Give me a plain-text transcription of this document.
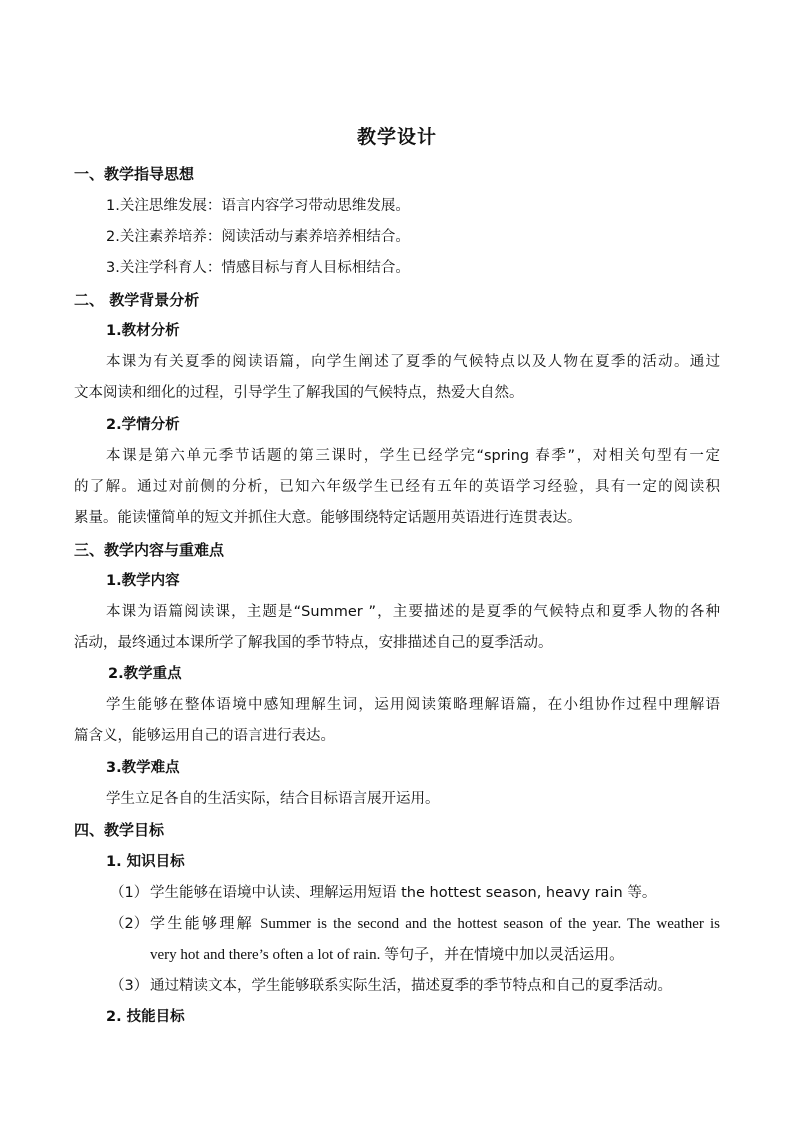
教学设计
一、教学指导思想
1.关注思维发展：语言内容学习带动思维发展。
2.关注素养培养：阅读活动与素养培养相结合。
3.关注学科育人：情感目标与育人目标相结合。
二、 教学背景分析
1.教材分析
本课为有关夏季的阅读语篇，向学生阐述了夏季的气候特点以及人物在夏季的活动。通过
文本阅读和细化的过程，引导学生了解我国的气候特点，热爱大自然。
2.学情分析
本课是第六单元季节话题的第三课时，学生已经学完“spring 春季”，对相关句型有一定
的了解。通过对前侧的分析，已知六年级学生已经有五年的英语学习经验，具有一定的阅读积
累量。能读懂简单的短文并抓住大意。能够围绕特定话题用英语进行连贯表达。
三、教学内容与重难点
1.教学内容
本课为语篇阅读课，主题是“Summer ”，主要描述的是夏季的气候特点和夏季人物的各种
活动，最终通过本课所学了解我国的季节特点，安排描述自己的夏季活动。
2.教学重点
学生能够在整体语境中感知理解生词，运用阅读策略理解语篇，在小组协作过程中理解语
篇含义，能够运用自己的语言进行表达。
3.教学难点
学生立足各自的生活实际，结合目标语言展开运用。
四、教学目标
1. 知识目标
（1） 学生能够在语境中认读、理解运用短语 the hottest season, heavy rain 等。
（2） 学生能够理解 Summer is the second and the hottest season of the year. The weather is
very hot and there’s often a lot of rain. 等句子，并在情境中加以灵活运用。
（3） 通过精读文本，学生能够联系实际生活，描述夏季的季节特点和自己的夏季活动。
2. 技能目标
